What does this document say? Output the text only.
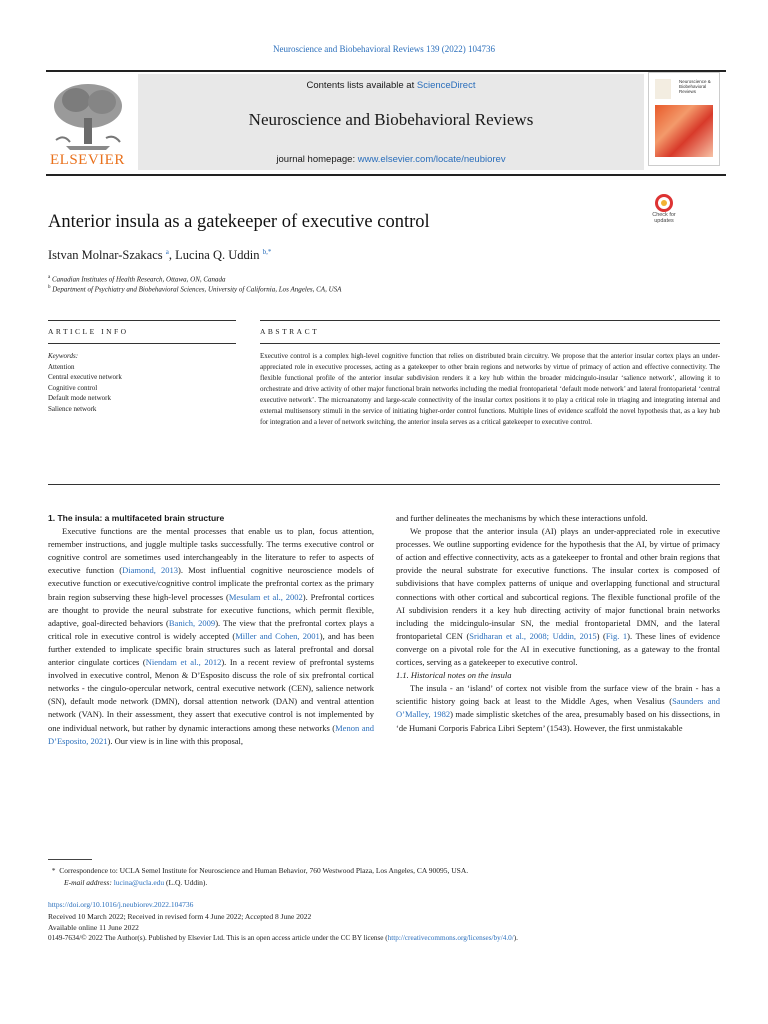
Neuroscience and Biobehavioral Reviews 139 (2022) 104736
ELSEVIER
Contents lists available at ScienceDirect
Neuroscience and Biobehavioral Reviews
journal homepage: www.elsevier.com/locate/neubiorev
Neuroscience & Biobehavioral Reviews
Check for updates
Anterior insula as a gatekeeper of executive control
Istvan Molnar-Szakacs $^a$, Lucina Q. Uddin $^{b,*}$
$^a$ Canadian Institutes of Health Research, Ottawa, ON, Canada
$^b$ Department of Psychiatry and Biobehavioral Sciences, University of California, Los Angeles, CA, USA
ARTICLE INFO	ABSTRACT
Keywords:
Attention
Central executive network
Cognitive control
Default mode network
Salience network
Executive control is a complex high-level cognitive function that relies on distributed brain circuitry. We propose that the anterior insular cortex plays an under-appreciated role in executive processes, acting as a gatekeeper to other brain regions and networks by virtue of primacy of action and effective connectivity. The flexible functional profile of the anterior insular subdivision renders it a key hub within the broader midcingulo-insular ‘salience network’, allowing it to orchestrate and drive activity of other major functional brain networks including the medial frontoparietal ‘default mode network’ and lateral frontoparietal ‘central executive network’. The microanatomy and large-scale connectivity of the insular cortex positions it to play a critical role in triaging and integrating internal and external multisensory stimuli in the service of initiating higher-order control functions. Multiple lines of evidence scaffold the novel hypothesis that, as a key hub for integration and a lever of network switching, the anterior insula serves as a critical gatekeeper to executive control.

1. The insula: a multifaceted brain structure

Executive functions are the mental processes that enable us to plan, focus attention, remember instructions, and juggle multiple tasks successfully. The terms executive control or cognitive control are sometimes used interchangeably in the literature to refer to aspects of executive function (Diamond, 2013). Most influential cognitive neuroscience models of executive function or executive/cognitive control implicate the prefrontal cortex as the primary brain region subserving these high-level processes (Mesulam et al., 2002). Prefrontal cortices are thought to provide the neural substrate for executive functions, which permit flexible, adaptive, goal-directed behaviors (Banich, 2009). The view that the prefrontal cortex plays a critical role in executive control is widely accepted (Miller and Cohen, 2001), and has been further extended to implicate specific brain structures such as lateral prefrontal and dorsal anterior cingulate cortices (Niendam et al., 2012). In a recent review of prefrontal systems involved in executive control, Menon & D’Esposito discuss the role of six prefrontal cortical networks - the cingulo-opercular network, central executive network (CEN), salience network (SN), default mode network (DMN), dorsal attention network (DAN) and ventral attention network (VAN). In their assessment, they assert that executive control is not implemented by one individual network, but rather by dynamic interactions among these networks (Menon and D’Esposito, 2021). Our view is in line with this proposal,

and further delineates the mechanisms by which these interactions unfold.

We propose that the anterior insula (AI) plays an under-appreciated role in executive processes. We outline supporting evidence for the hypothesis that the AI, by virtue of primacy of action and effective connectivity, acts as a gatekeeper to frontal and other brain regions that provide the neural substrate for executive functions. The insular cortex is composed of subdivisions that have complex patterns of unique and overlapping functional and structural connections with other cortical and subcortical regions. The flexible functional profile of the AI subdivision renders it a key hub directing activity of major functional brain networks including the midcingulo-insular SN, the medial frontoparietal DMN, and the lateral frontoparietal CEN (Sridharan et al., 2008; Uddin, 2015) (Fig. 1). These lines of evidence converge on a pivotal role for the AI in executive functioning, as a gateway to the frontal cortices, serving as a gatekeeper to executive control.

1.1. Historical notes on the insula

The insula - an ‘island’ of cortex not visible from the surface view of the brain - has a scientific history going back at least to the Middle Ages, when Vesalius (Saunders and O’Malley, 1982) made simplistic sketches of the area, presumably based on his dissections, in ‘de Humani Corporis Fabrica Libri Septem’ (1543). However, the first unmistakable

* Correspondence to: UCLA Semel Institute for Neuroscience and Human Behavior, 760 Westwood Plaza, Los Angeles, CA 90095, USA.
E-mail address: lucina@ucla.edu (L.Q. Uddin).
https://doi.org/10.1016/j.neubiorev.2022.104736
Received 10 March 2022; Received in revised form 4 June 2022; Accepted 8 June 2022
Available online 11 June 2022
0149-7634/© 2022 The Author(s). Published by Elsevier Ltd. This is an open access article under the CC BY license (http://creativecommons.org/licenses/by/4.0/).
